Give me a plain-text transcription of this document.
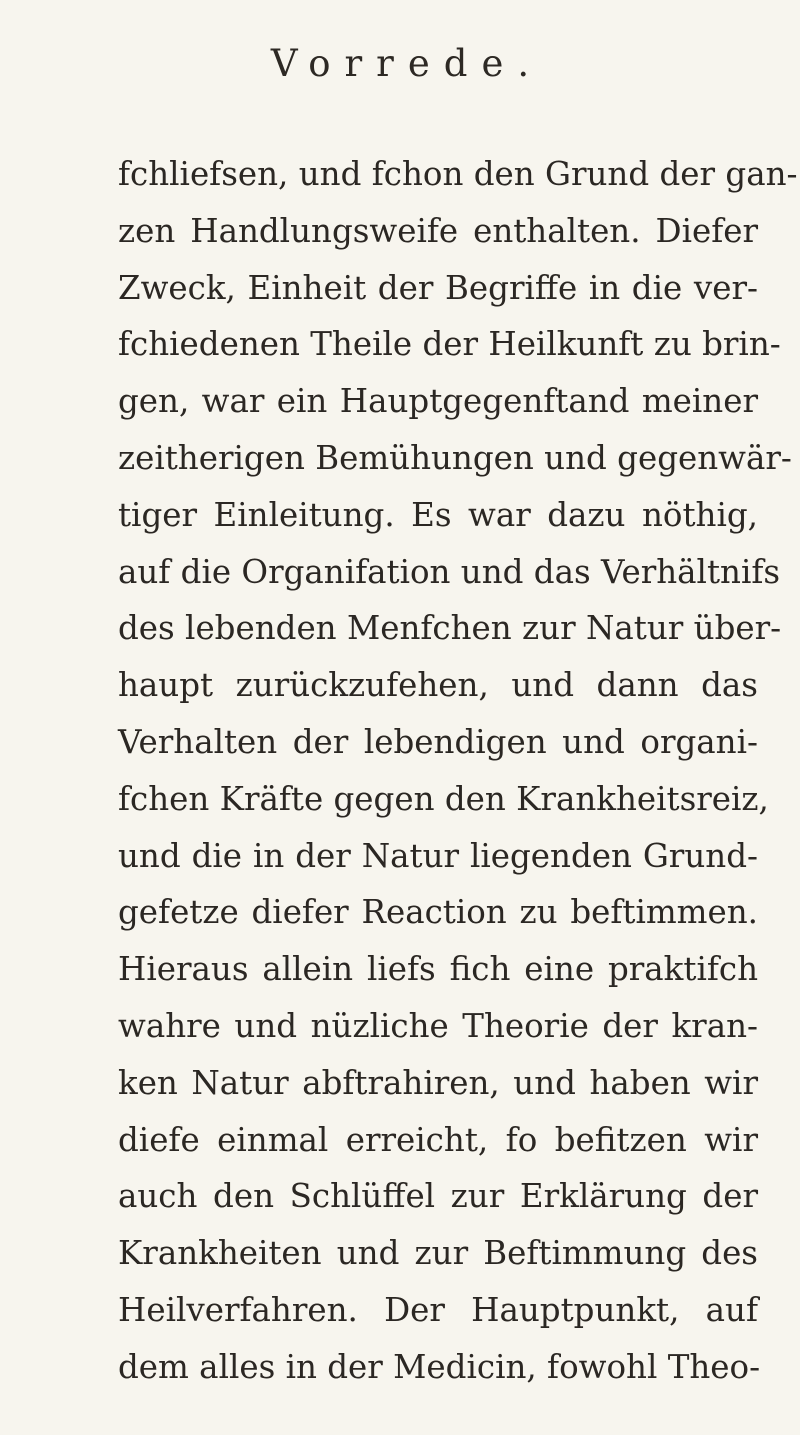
Vorrede.
fchliefsen, und fchon den Grund der gan-
zen Handlungsweife enthalten. Diefer
Zweck, Einheit der Begriffe in die ver-
fchiedenen Theile der Heilkunft zu brin-
gen, war ein Hauptgegenftand meiner
zeitherigen Bemühungen und gegenwär-
tiger Einleitung. Es war dazu nöthig,
auf die Organifation und das Verhältnifs
des lebenden Menfchen zur Natur über-
haupt zurückzufehen, und dann das
Verhalten der lebendigen und organi-
fchen Kräfte gegen den Krankheitsreiz,
und die in der Natur liegenden Grund-
gefetze diefer Reaction zu beftimmen.
Hieraus allein liefs fich eine praktifch
wahre und nüzliche Theorie der kran-
ken Natur abftrahiren, und haben wir
diefe einmal erreicht, fo befitzen wir
auch den Schlüffel zur Erklärung der
Krankheiten und zur Beftimmung des
Heilverfahren. Der Hauptpunkt, auf
dem alles in der Medicin, fowohl Theo-
